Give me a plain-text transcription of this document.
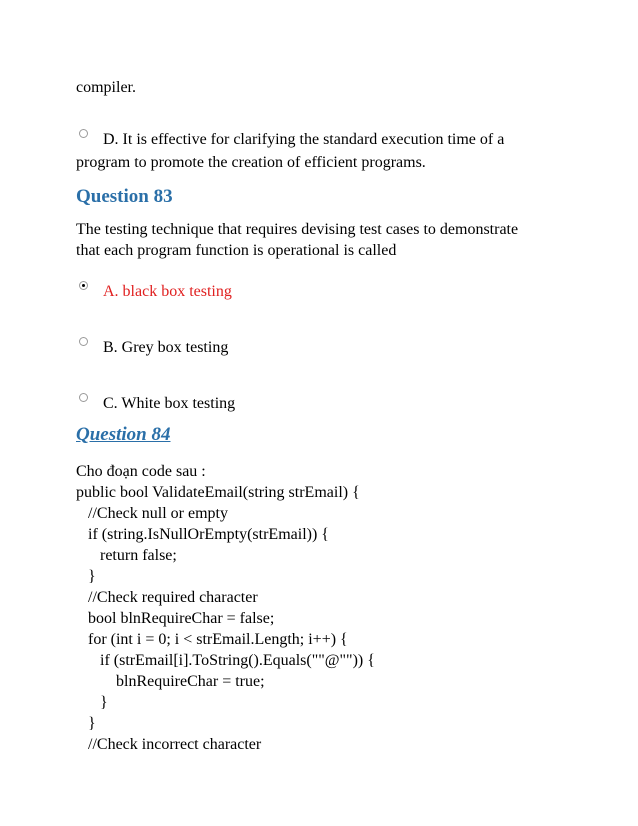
compiler.
D. It is effective for clarifying the standard execution time of a
program to promote the creation of efficient programs.
Question 83
The testing technique that requires devising test cases to demonstrate
that each program function is operational is called
A. black box testing
B. Grey box testing
C. White box testing
Question 84
Cho đoạn code sau :
public bool ValidateEmail(string strEmail) {
//Check null or empty
if (string.IsNullOrEmpty(strEmail)) {
return false;
}
//Check required character
bool blnRequireChar = false;
for (int i = 0; i < strEmail.Length; i++) {
if (strEmail[i].ToString().Equals(""@"")) {
blnRequireChar = true;
}
}
//Check incorrect character
